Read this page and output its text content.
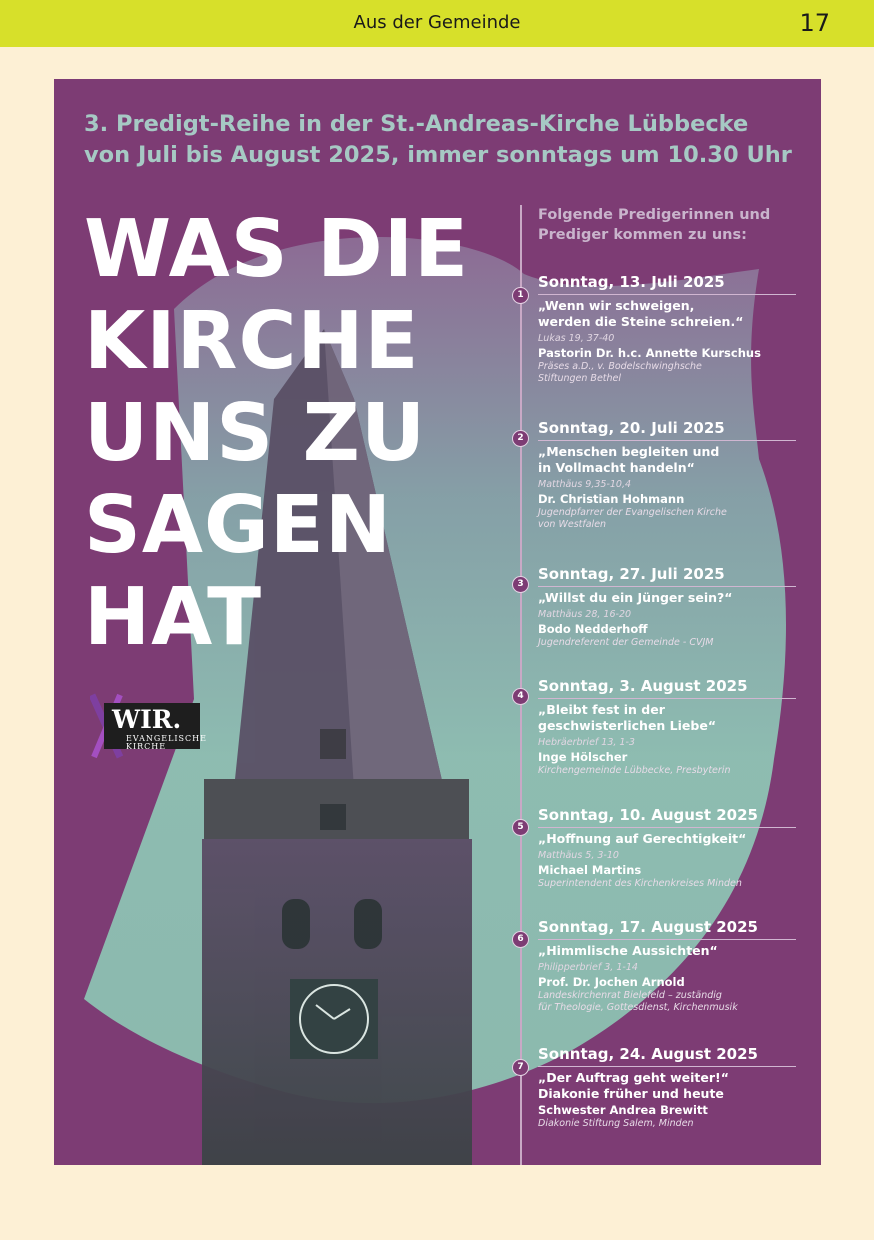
Aus der Gemeinde	17
3. Predigt-Reihe in der St.-Andreas-Kirche Lübbecke
von Juli bis August 2025, immer sonntags um 10.30 Uhr
WAS DIE
KIRCHE
UNS ZU
SAGEN
HAT
WIR.
EVANGELISCHE
KIRCHE
Folgende Predigerinnen und
Prediger kommen zu uns:
1
Sonntag, 13. Juli 2025
„Wenn wir schweigen,
werden die Steine schreien.“
Lukas 19, 37-40
Pastorin Dr. h.c. Annette Kurschus
Präses a.D., v. Bodelschwinghsche
Stiftungen Bethel
2
Sonntag, 20. Juli 2025
„Menschen begleiten und
in Vollmacht handeln“
Matthäus 9,35-10,4
Dr. Christian Hohmann
Jugendpfarrer der Evangelischen Kirche
von Westfalen
3
Sonntag, 27. Juli 2025
„Willst du ein Jünger sein?“
Matthäus 28, 16-20
Bodo Nedderhoff
Jugendreferent der Gemeinde - CVJM
4
Sonntag, 3. August 2025
„Bleibt fest in der
geschwisterlichen Liebe“
Hebräerbrief 13, 1-3
Inge Hölscher
Kirchengemeinde Lübbecke, Presbyterin
5
Sonntag, 10. August 2025
„Hoffnung auf Gerechtigkeit“
Matthäus 5, 3-10
Michael Martins
Superintendent des Kirchenkreises Minden
6
Sonntag, 17. August 2025
„Himmlische Aussichten“
Philipperbrief 3, 1-14
Prof. Dr. Jochen Arnold
Landeskirchenrat Bielefeld – zuständig
für Theologie, Gottesdienst, Kirchenmusik
7
Sonntag, 24. August 2025
„Der Auftrag geht weiter!“
Diakonie früher und heute
Schwester Andrea Brewitt
Diakonie Stiftung Salem, Minden
